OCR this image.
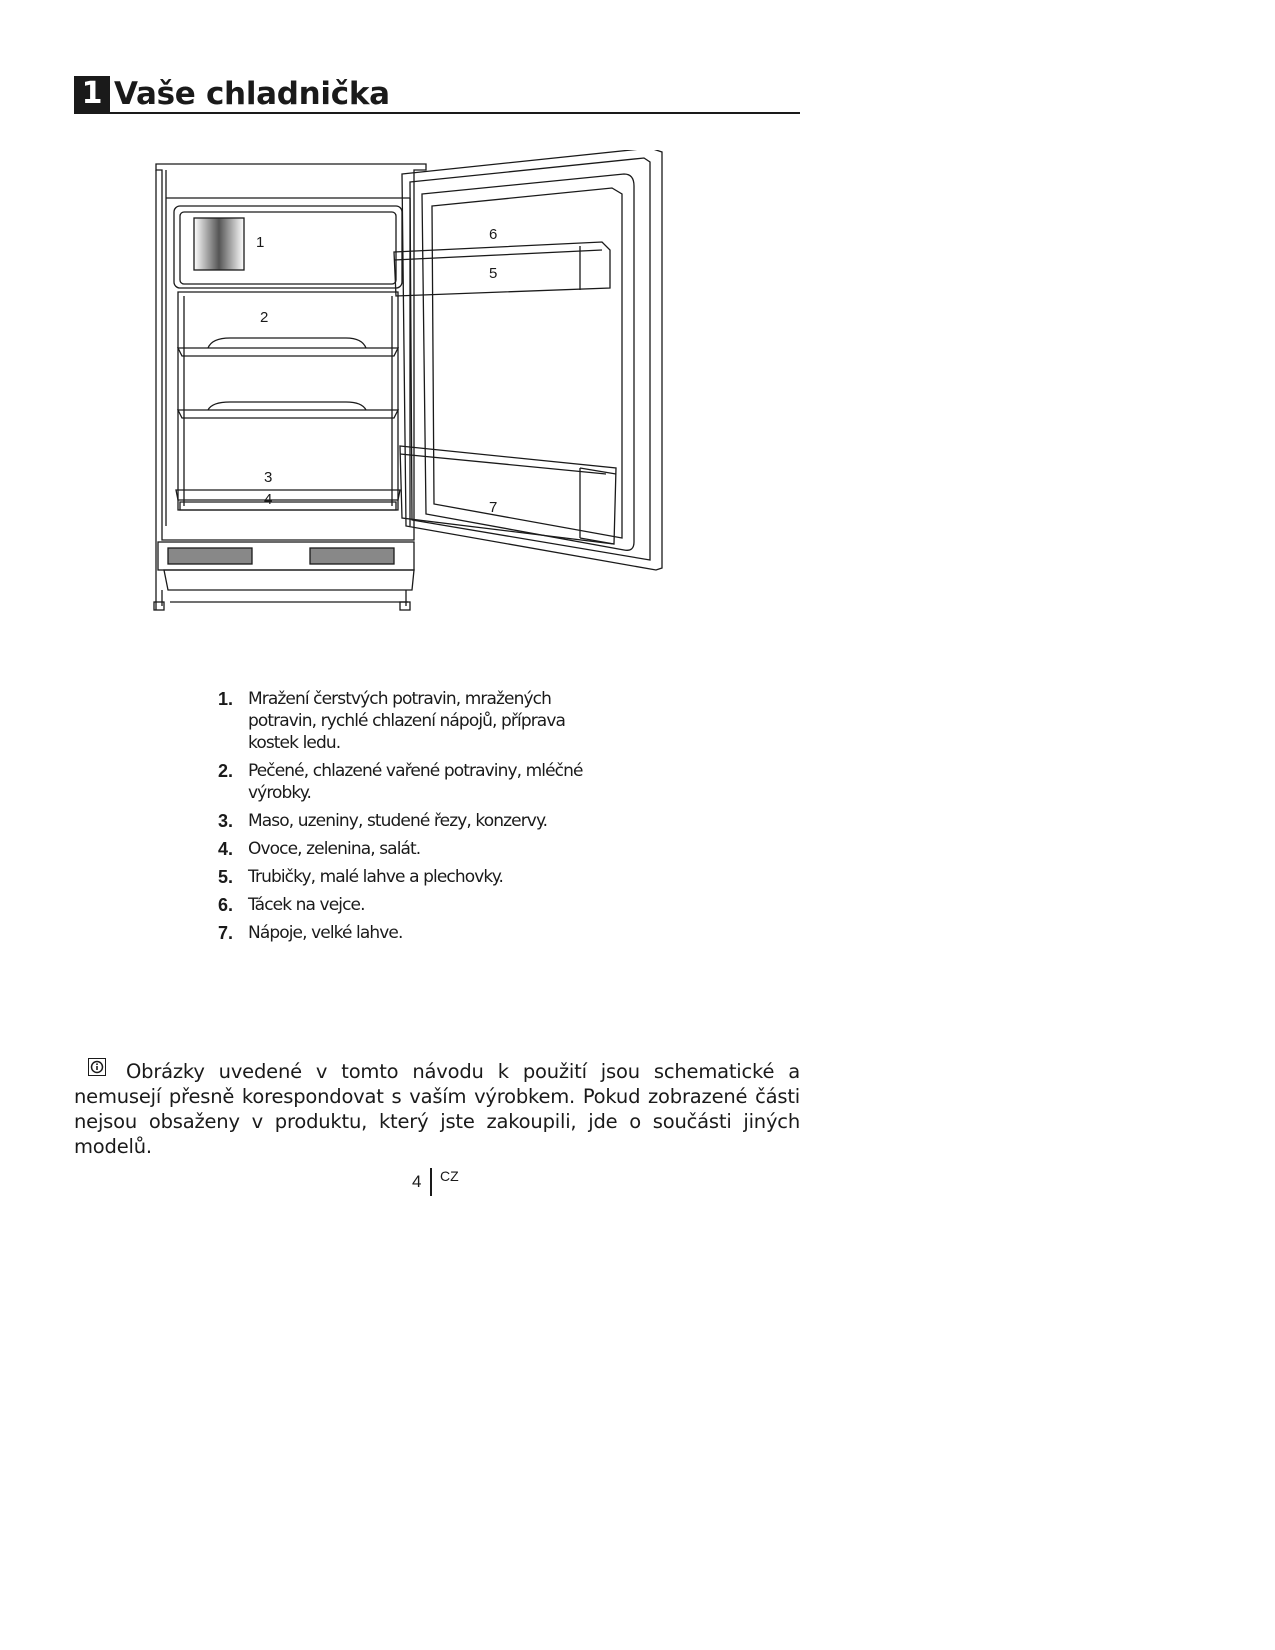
1 Vaše chladnička
1
2
3
4
5
6
7
1. Mražení čerstvých potravin, mražených potravin, rychlé chlazení nápojů, příprava kostek ledu.
2. Pečené, chlazené vařené potraviny, mléčné výrobky.
3. Maso, uzeniny, studené řezy, konzervy.
4. Ovoce, zelenina, salát.
5. Trubičky, malé lahve a plechovky.
6. Tácek na vejce.
7. Nápoje, velké lahve.
Obrázky uvedené v tomto návodu k použití jsou schematické a nemusejí přesně korespondovat s vaším výrobkem. Pokud zobrazené části nejsou obsaženy v produktu, který jste zakoupili, jde o součásti jiných modelů.
4 CZ
